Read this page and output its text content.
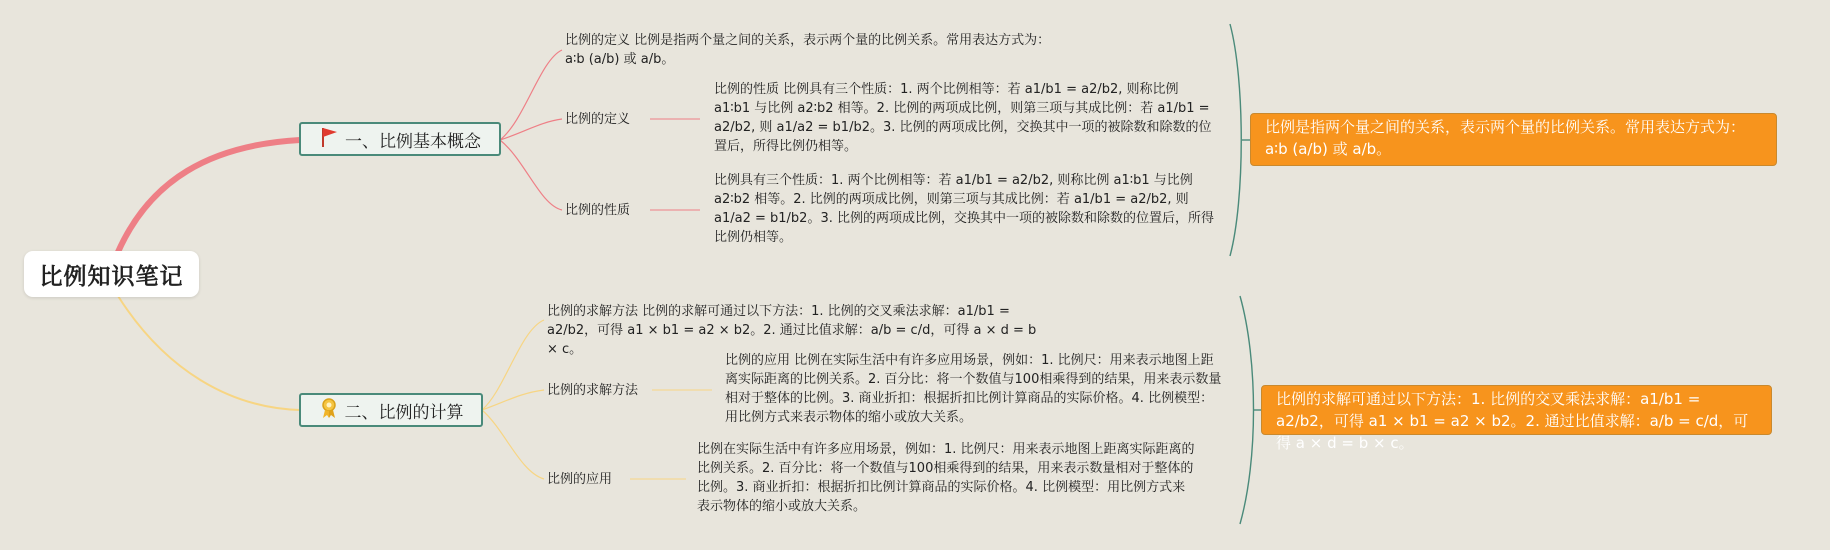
比例知识笔记
一、比例基本概念
二、比例的计算
比例的定义 比例是指两个量之间的关系，表示两个量的比例关系。常用表达方式为：a∶b (a/b) 或 a/b。
比例的定义
比例的性质 比例具有三个性质：1. 两个比例相等：若 a1/b1 = a2/b2, 则称比例 a1∶b1 与比例 a2∶b2 相等。2. 比例的两项成比例，则第三项与其成比例：若 a1/b1 = a2/b2, 则 a1/a2 = b1/b2。3. 比例的两项成比例，交换其中一项的被除数和除数的位置后，所得比例仍相等。
比例的性质
比例具有三个性质：1. 两个比例相等：若 a1/b1 = a2/b2, 则称比例 a1∶b1 与比例 a2∶b2 相等。2. 比例的两项成比例，则第三项与其成比例：若 a1/b1 = a2/b2, 则 a1/a2 = b1/b2。3. 比例的两项成比例，交换其中一项的被除数和除数的位置后，所得比例仍相等。
比例的求解方法 比例的求解可通过以下方法：1. 比例的交叉乘法求解：a1/b1 = a2/b2，可得 a1 × b1 = a2 × b2。2. 通过比值求解：a/b = c/d，可得 a × d = b × c。
比例的求解方法
比例的应用 比例在实际生活中有许多应用场景，例如：1. 比例尺：用来表示地图上距离实际距离的比例关系。2. 百分比：将一个数值与100相乘得到的结果，用来表示数量相对于整体的比例。3. 商业折扣：根据折扣比例计算商品的实际价格。4. 比例模型：用比例方式来表示物体的缩小或放大关系。
比例的应用
比例在实际生活中有许多应用场景，例如：1. 比例尺：用来表示地图上距离实际距离的比例关系。2. 百分比：将一个数值与100相乘得到的结果，用来表示数量相对于整体的比例。3. 商业折扣：根据折扣比例计算商品的实际价格。4. 比例模型：用比例方式来表示物体的缩小或放大关系。
比例是指两个量之间的关系，表示两个量的比例关系。常用表达方式为：a∶b (a/b) 或 a/b。
比例的求解可通过以下方法：1. 比例的交叉乘法求解：a1/b1 = a2/b2，可得 a1 × b1 = a2 × b2。2. 通过比值求解：a/b = c/d，可得 a × d = b × c。
